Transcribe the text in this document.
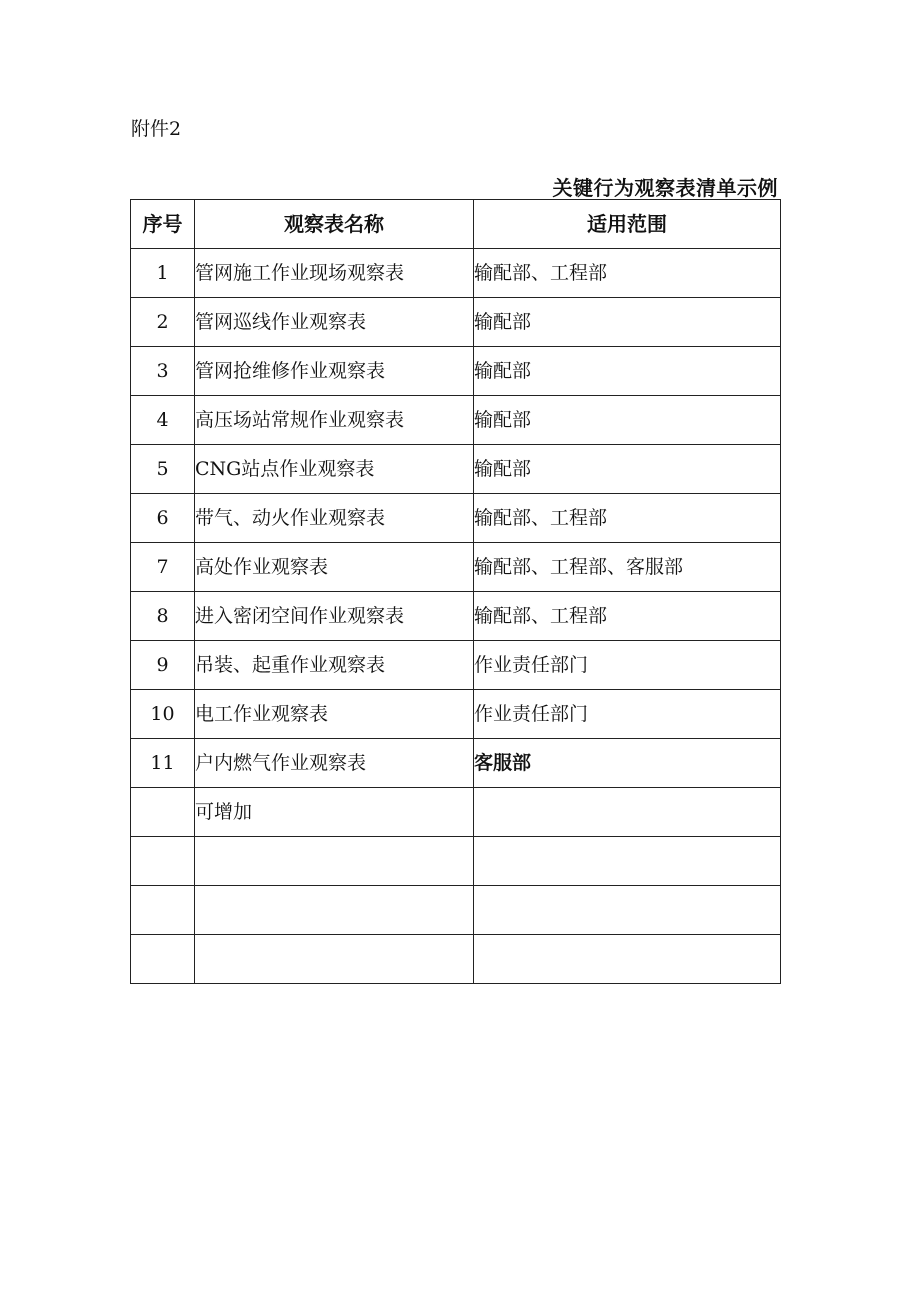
附件2
关键行为观察表清单示例
序号	观察表名称	适用范围
1	管网施工作业现场观察表	输配部、工程部
2	管网巡线作业观察表	输配部
3	管网抢维修作业观察表	输配部
4	高压场站常规作业观察表	输配部
5	CNG站点作业观察表	输配部
6	带气、动火作业观察表	输配部、工程部
7	高处作业观察表	输配部、工程部、客服部
8	进入密闭空间作业观察表	输配部、工程部
9	吊装、起重作业观察表	作业责任部门
10	电工作业观察表	作业责任部门
11	户内燃气作业观察表	客服部
	可增加	
